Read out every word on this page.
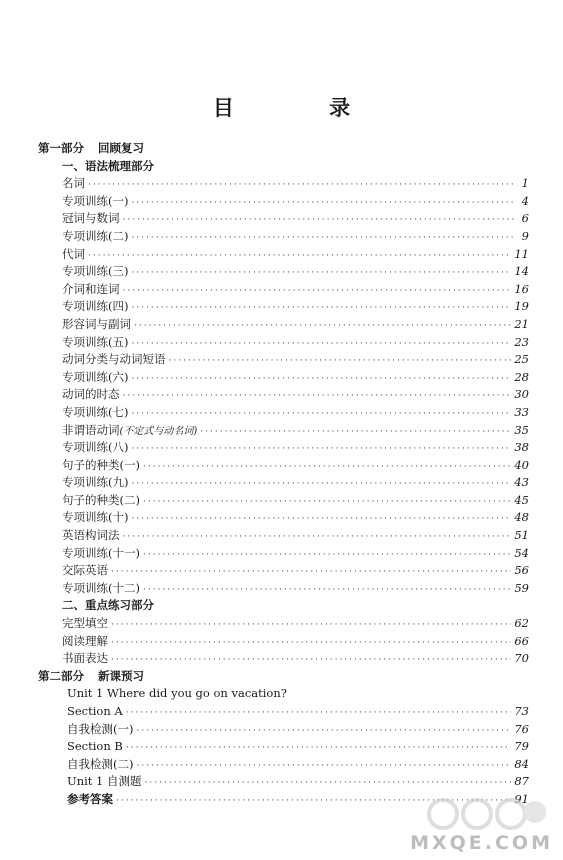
目 录
第一部分 回顾复习
一、语法梳理部分
名词 ·····	1
专项训练(一) ·····	4
冠词与数词 ·····	6
专项训练(二) ·····	9
代词 ·····	11
专项训练(三) ·····	14
介词和连词 ·····	16
专项训练(四) ·····	19
形容词与副词 ·····	21
专项训练(五) ·····	23
动词分类与动词短语 ·····	25
专项训练(六) ·····	28
动词的时态 ·····	30
专项训练(七) ·····	33
非谓语动词 (不定式与动名词) ·····	35
专项训练(八) ·····	38
句子的种类(一) ·····	40
专项训练(九) ·····	43
句子的种类(二) ·····	45
专项训练(十) ·····	48
英语构词法 ·····	51
专项训练(十一) ·····	54
交际英语 ·····	56
专项训练(十二) ·····	59
二、重点练习部分
完型填空 ·····	62
阅读理解 ·····	66
书面表达 ·····	70
第二部分 新课预习
Unit 1 Where did you go on vacation?
Section A ·····	73
自我检测(一) ·····	76
Section B ·····	79
自我检测(二) ·····	84
Unit 1 自测题 ·····	87
参考答案 ·····	91
MXQE.COM
